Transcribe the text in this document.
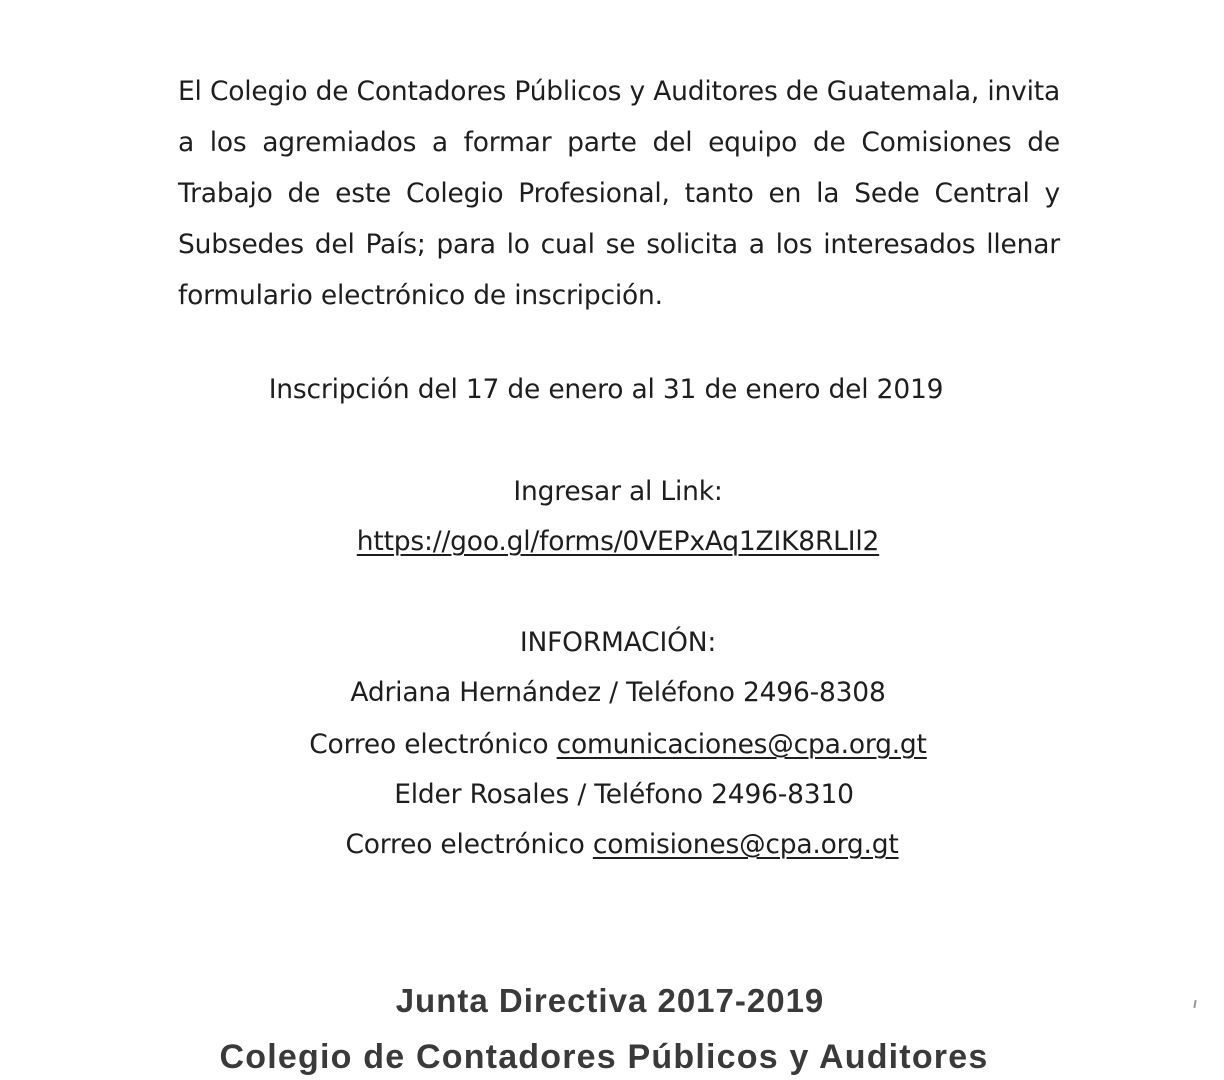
El Colegio de Contadores Públicos y Auditores de Guatemala, invita a los agremiados a formar parte del equipo de Comisiones de Trabajo de este Colegio Profesional, tanto en la Sede Central y Subsedes del País; para lo cual se solicita a los interesados llenar formulario electrónico de inscripción.

Inscripción del 17 de enero al 31 de enero del 2019
Ingresar al Link:
https://goo.gl/forms/0VEPxAq1ZIK8RLIl2
INFORMACIÓN:
Adriana Hernández / Teléfono 2496-8308
Correo electrónico comunicaciones@cpa.org.gt
Elder Rosales / Teléfono 2496-8310
Correo electrónico comisiones@cpa.org.gt
Junta Directiva 2017-2019
Colegio de Contadores Públicos y Auditores
